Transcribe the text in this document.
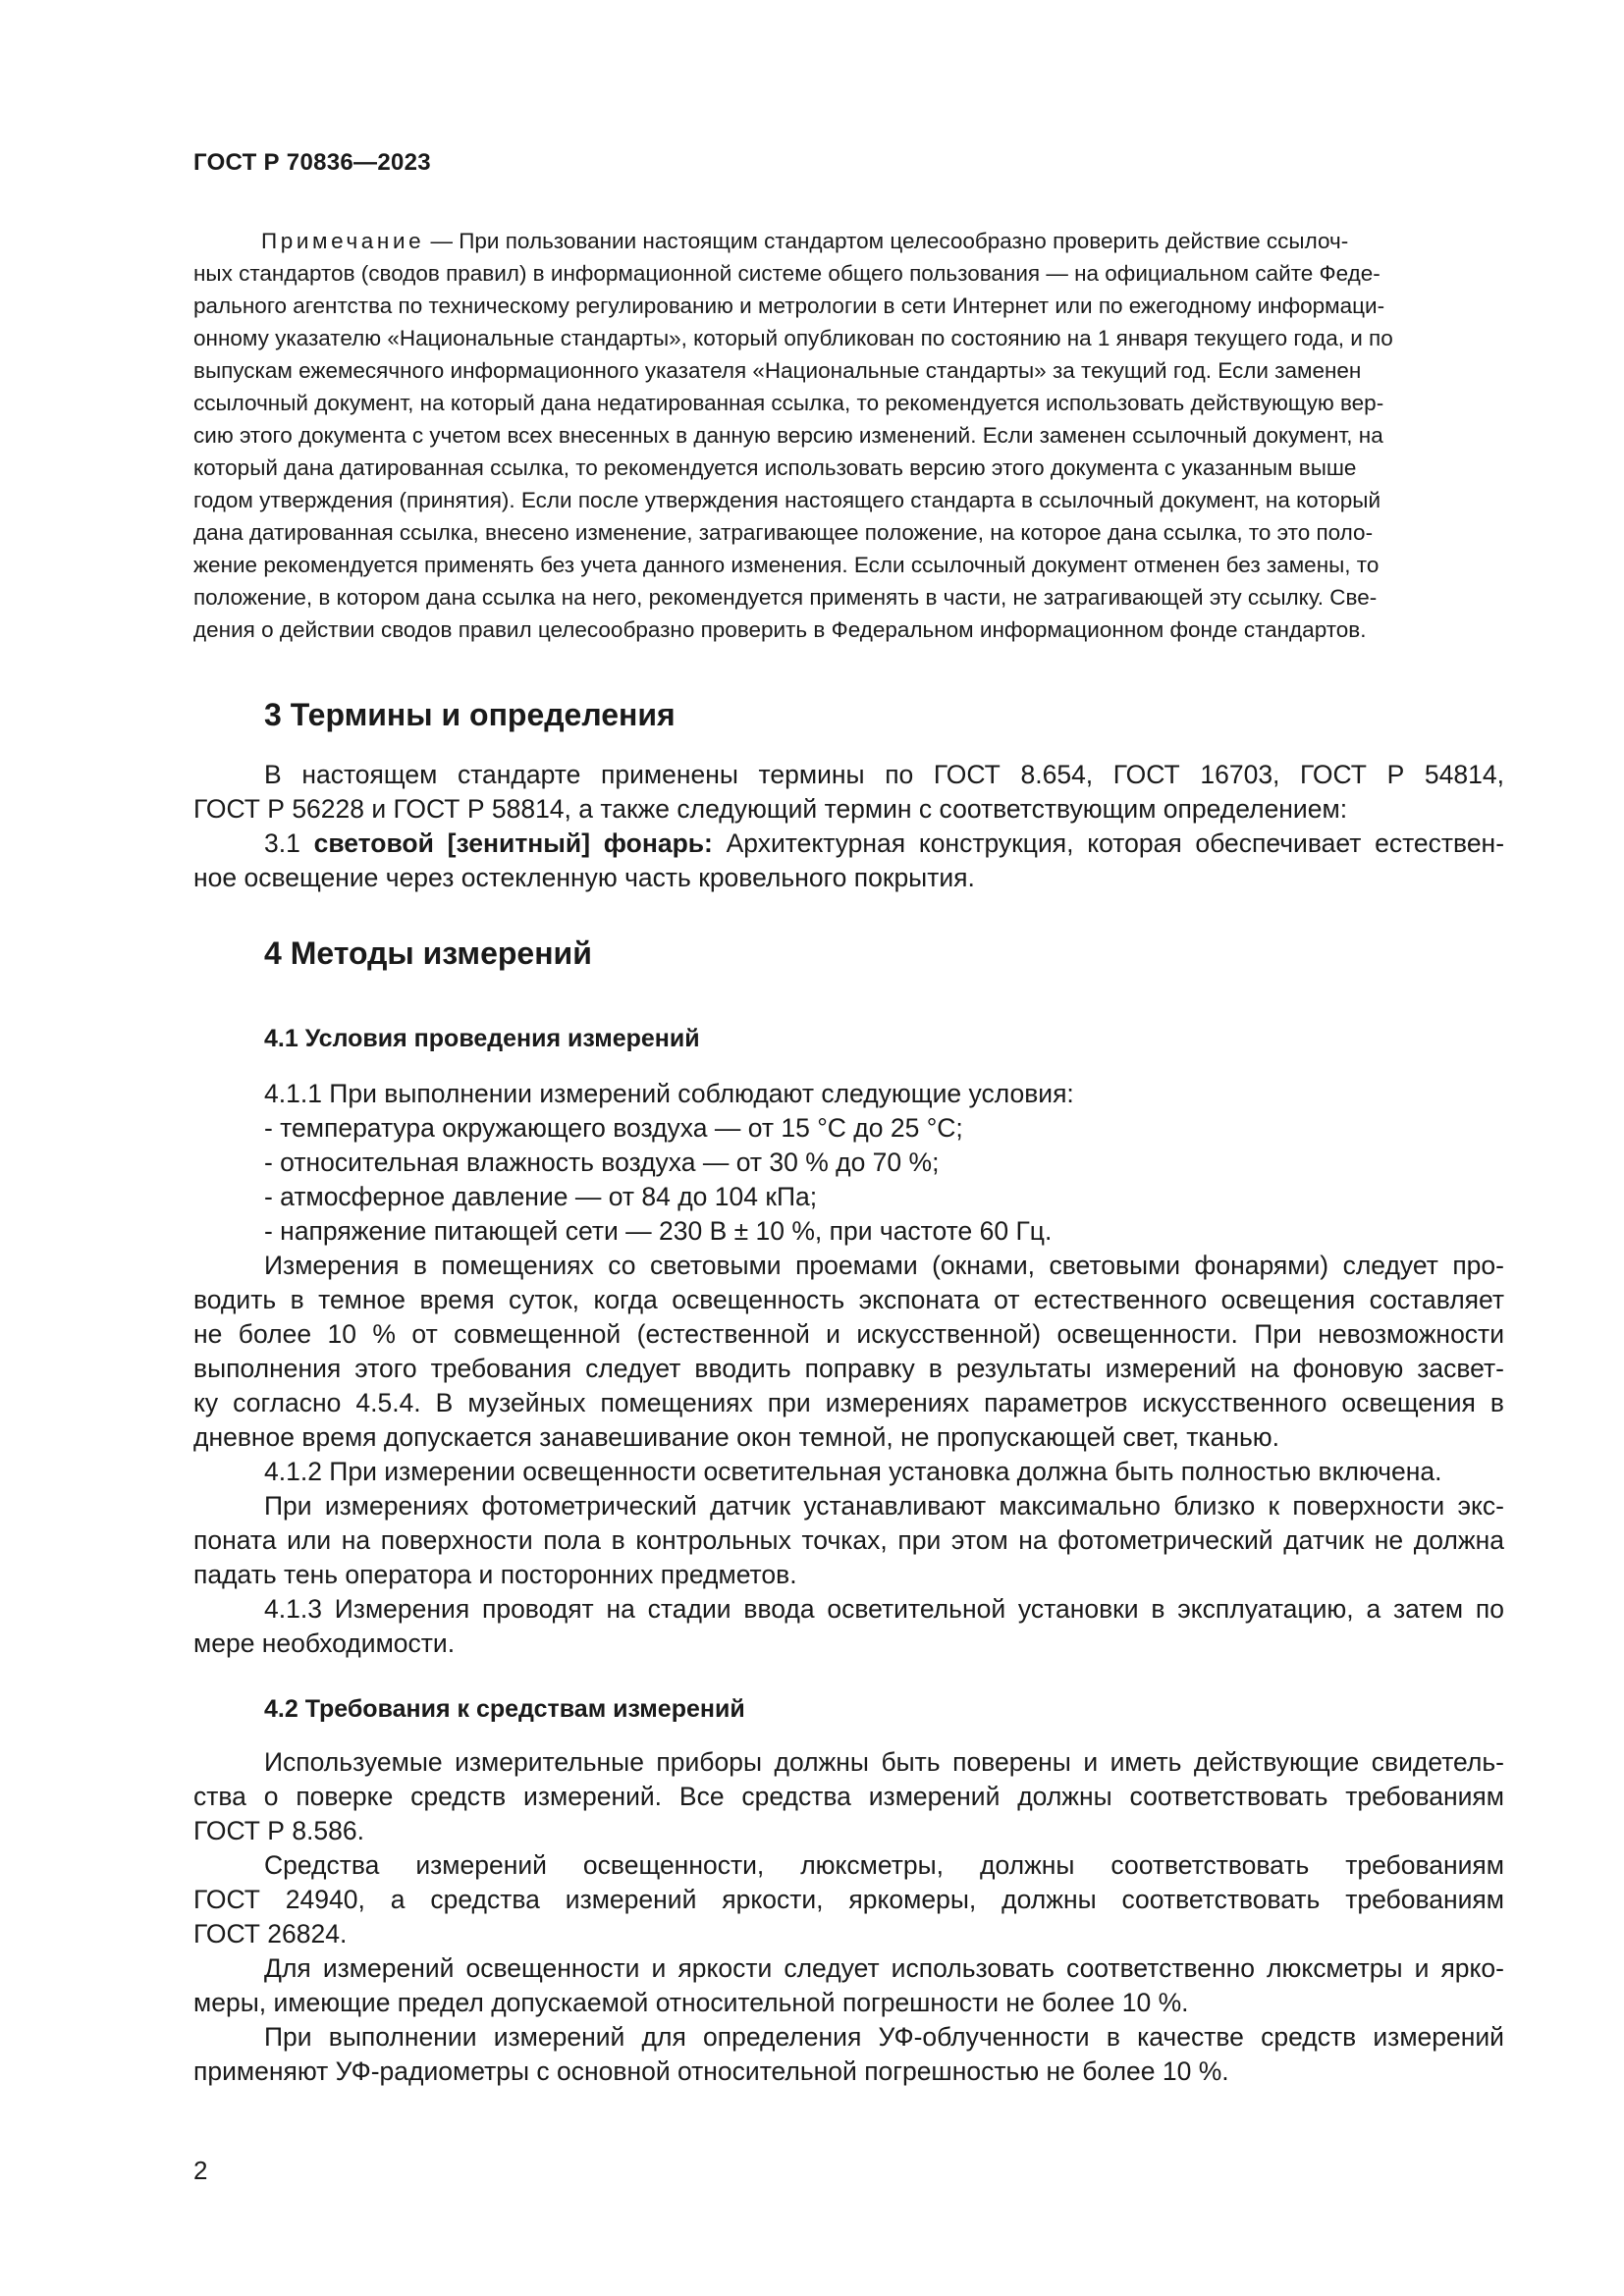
ГОСТ Р 70836—2023
Примечание — При пользовании настоящим стандартом целесообразно проверить действие ссылоч-
ных стандартов (сводов правил) в информационной системе общего пользования — на официальном сайте Феде-
рального агентства по техническому регулированию и метрологии в сети Интернет или по ежегодному информаци-
онному указателю «Национальные стандарты», который опубликован по состоянию на 1 января текущего года, и по
выпускам ежемесячного информационного указателя «Национальные стандарты» за текущий год. Если заменен
ссылочный документ, на который дана недатированная ссылка, то рекомендуется использовать действующую вер-
сию этого документа с учетом всех внесенных в данную версию изменений. Если заменен ссылочный документ, на
который дана датированная ссылка, то рекомендуется использовать версию этого документа с указанным выше
годом утверждения (принятия). Если после утверждения настоящего стандарта в ссылочный документ, на который
дана датированная ссылка, внесено изменение, затрагивающее положение, на которое дана ссылка, то это поло-
жение рекомендуется применять без учета данного изменения. Если ссылочный документ отменен без замены, то
положение, в котором дана ссылка на него, рекомендуется применять в части, не затрагивающей эту ссылку. Све-
дения о действии сводов правил целесообразно проверить в Федеральном информационном фонде стандартов.
3 Термины и определения

В настоящем стандарте применены термины по ГОСТ 8.654, ГОСТ 16703, ГОСТ Р 54814,
ГОСТ Р 56228 и ГОСТ Р 58814, а также следующий термин с соответствующим определением:

3.1 световой [зенитный] фонарь: Архитектурная конструкция, которая обеспечивает естествен-
ное освещение через остекленную часть кровельного покрытия.

4 Методы измерений
4.1 Условия проведения измерений

4.1.1 При выполнении измерений соблюдают следующие условия:

- температура окружающего воздуха — от 15 °С до 25 °С;

- относительная влажность воздуха — от 30 % до 70 %;

- атмосферное давление — от 84 до 104 кПа;

- напряжение питающей сети — 230 В ± 10 %, при частоте 60 Гц.

Измерения в помещениях со световыми проемами (окнами, световыми фонарями) следует про-
водить в темное время суток, когда освещенность экспоната от естественного освещения составляет
не более 10 % от совмещенной (естественной и искусственной) освещенности. При невозможности
выполнения этого требования следует вводить поправку в результаты измерений на фоновую засвет-
ку согласно 4.5.4. В музейных помещениях при измерениях параметров искусственного освещения в
дневное время допускается занавешивание окон темной, не пропускающей свет, тканью.

4.1.2 При измерении освещенности осветительная установка должна быть полностью включена.

При измерениях фотометрический датчик устанавливают максимально близко к поверхности экс-
поната или на поверхности пола в контрольных точках, при этом на фотометрический датчик не должна
падать тень оператора и посторонних предметов.

4.1.3 Измерения проводят на стадии ввода осветительной установки в эксплуатацию, а затем по
мере необходимости.

4.2 Требования к средствам измерений

Используемые измерительные приборы должны быть поверены и иметь действующие свидетель-
ства о поверке средств измерений. Все средства измерений должны соответствовать требованиям
ГОСТ Р 8.586.

Средства измерений освещенности, люксметры, должны соответствовать требованиям
ГОСТ 24940, а средства измерений яркости, яркомеры, должны соответствовать требованиям
ГОСТ 26824.

Для измерений освещенности и яркости следует использовать соответственно люксметры и ярко-
меры, имеющие предел допускаемой относительной погрешности не более 10 %.

При выполнении измерений для определения УФ-облученности в качестве средств измерений
применяют УФ-радиометры с основной относительной погрешностью не более 10 %.

2
